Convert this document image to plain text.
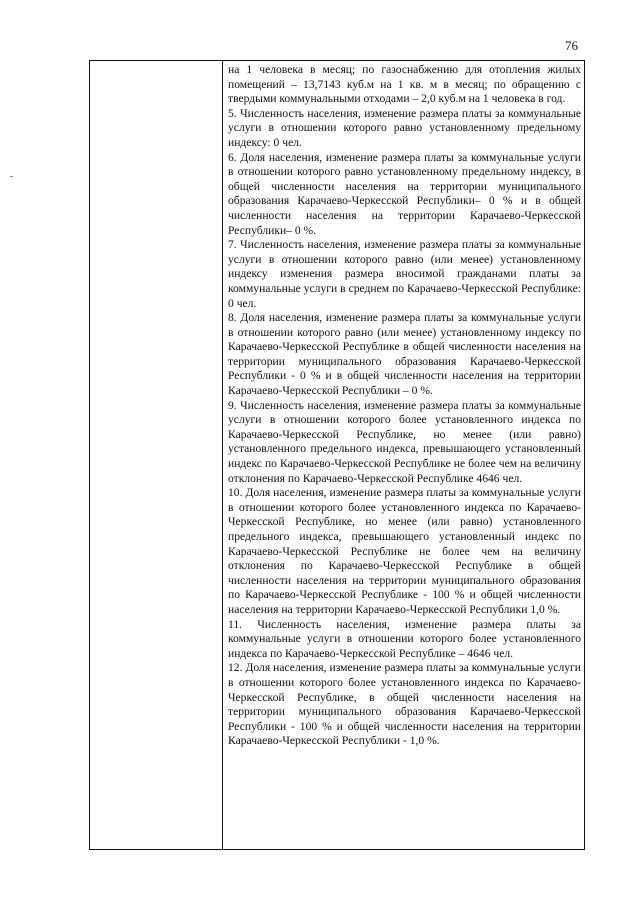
76

на 1 человека в месяц; по газоснабжению для отопления жилых помещений – 13,7143 куб.м на 1 кв. м в месяц; по обращению с твердыми коммунальными отходами – 2,0 куб.м на 1 человека в год.

5. Численность населения, изменение размера платы за коммунальные услуги в отношении которого равно установленному предельному индексу: 0 чел.

6. Доля населения, изменение размера платы за коммунальные услуги в отношении которого равно установленному предельному индексу, в общей численности населения на территории муниципального образования Карачаево-Черкесской Республики– 0 % и в общей численности населения на территории Карачаево-Черкесской Республики– 0 %.

7. Численность населения, изменение размера платы за коммунальные услуги в отношении которого равно (или менее) установленному индексу изменения размера вносимой гражданами платы за коммунальные услуги в среднем по Карачаево-Черкесской Республике: 0 чел.

8. Доля населения, изменение размера платы за коммунальные услуги в отношении которого равно (или менее) установленному индексу по Карачаево-Черкесской Республике в общей численности населения на территории муниципального образования Карачаево-Черкесской Республики - 0 % и в общей численности населения на территории Карачаево-Черкесской Республики – 0 %.

9. Численность населения, изменение размера платы за коммунальные услуги в отношении которого более установленного индекса по Карачаево-Черкесской Республике, но менее (или равно) установленного предельного индекса, превышающего установленный индекс по Карачаево-Черкесской Республике не более чем на величину отклонения по Карачаево-Черкесской Республике 4646 чел.

10. Доля населения, изменение размера платы за коммунальные услуги в отношении которого более установленного индекса по Карачаево-Черкесской Республике, но менее (или равно) установленного предельного индекса, превышающего установленный индекс по Карачаево-Черкесской Республике не более чем на величину отклонения по Карачаево-Черкесской Республике в общей численности населения на территории муниципального образования по Карачаево-Черкесской Республике - 100 % и общей численности населения на территории Карачаево-Черкесской Республики 1,0 %.

11. Численность населения, изменение размера платы за коммунальные услуги в отношении которого более установленного индекса по Карачаево-Черкесской Республике – 4646 чел.

12. Доля населения, изменение размера платы за коммунальные услуги в отношении которого более установленного индекса по Карачаево-Черкесской Республике, в общей численности населения на территории муниципального образования Карачаево-Черкесской Республики - 100 % и общей численности населения на территории Карачаево-Черкесской Республики - 1,0 %.
